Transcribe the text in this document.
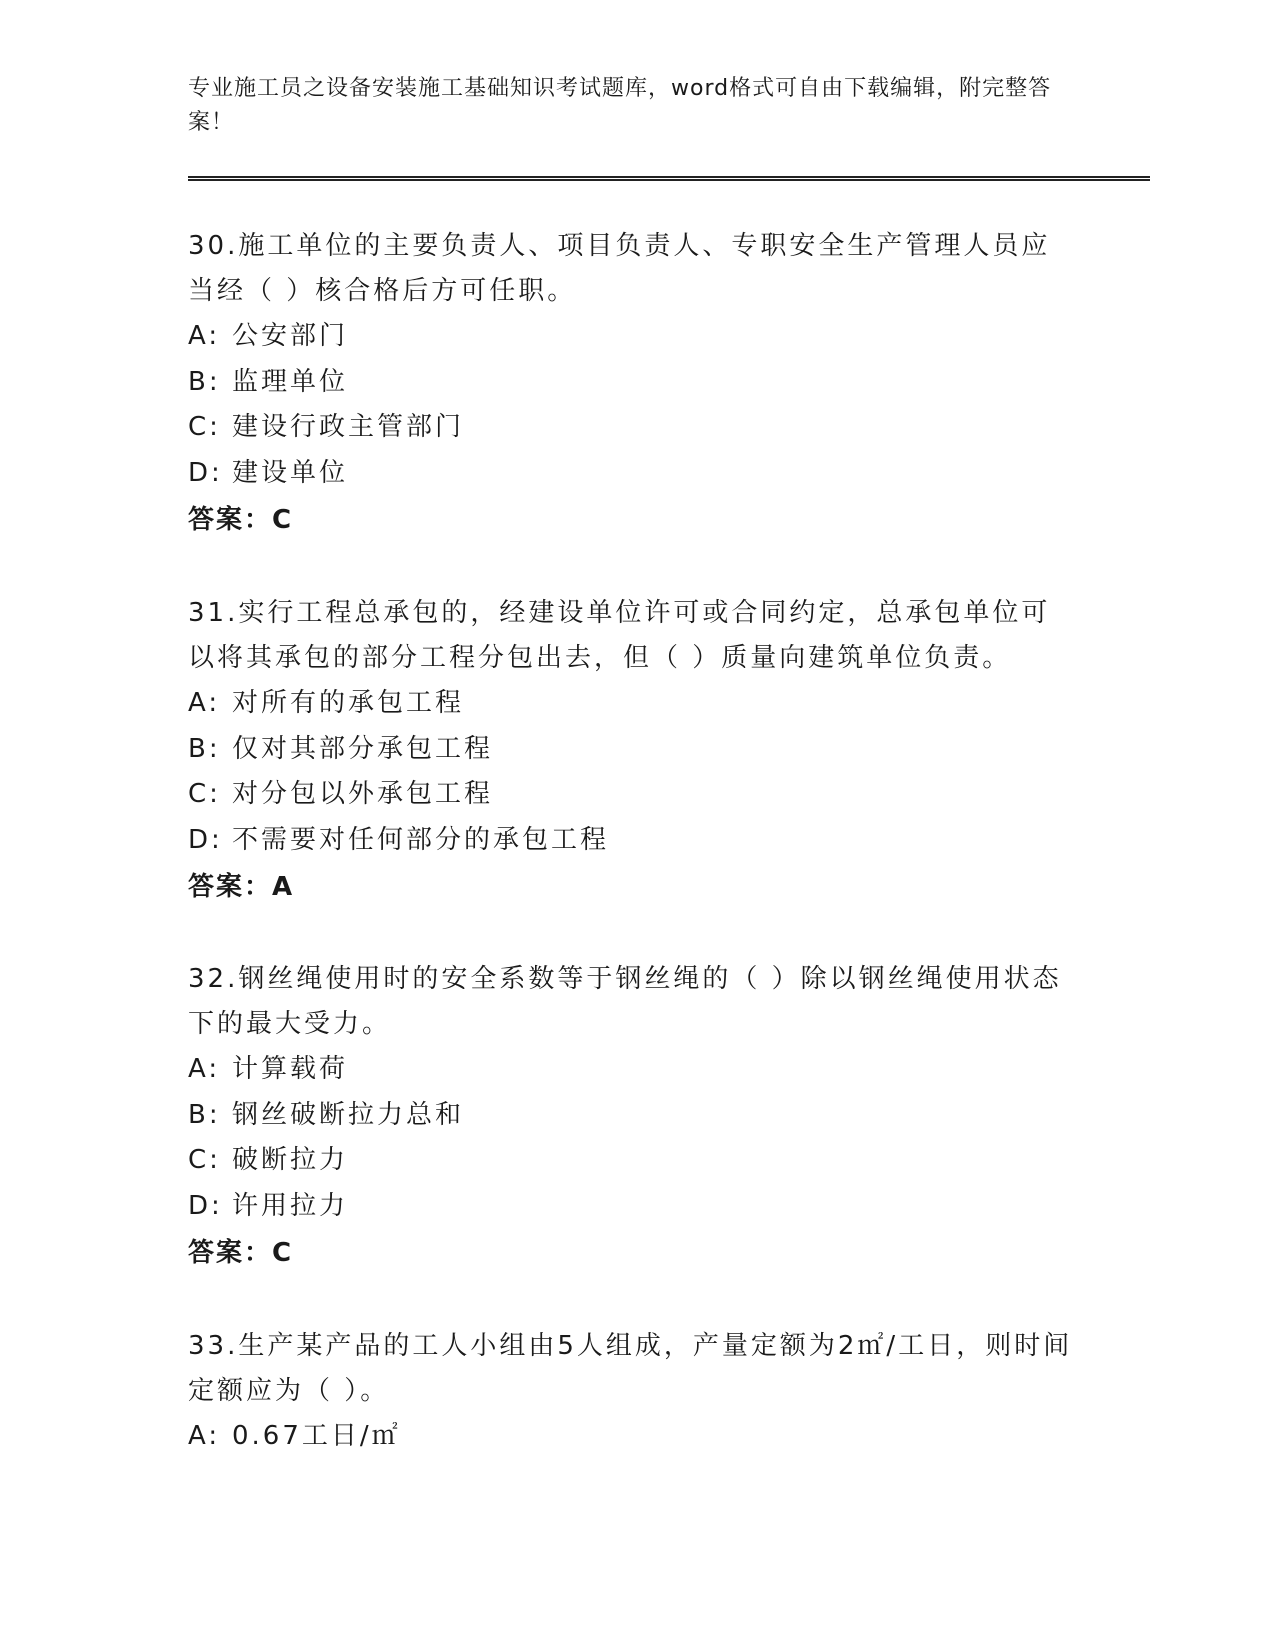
专业施工员之设备安装施工基础知识考试题库，word格式可自由下载编辑，附完整答案！
30.施工单位的主要负责人、项目负责人、专职安全生产管理人员应当经（ ）核合格后方可任职。
A: 公安部门
B: 监理单位
C: 建设行政主管部门
D: 建设单位
答案：C
31.实行工程总承包的，经建设单位许可或合同约定，总承包单位可以将其承包的部分工程分包出去，但（ ）质量向建筑单位负责。
A: 对所有的承包工程
B: 仅对其部分承包工程
C: 对分包以外承包工程
D: 不需要对任何部分的承包工程
答案：A
32.钢丝绳使用时的安全系数等于钢丝绳的（ ）除以钢丝绳使用状态下的最大受力。
A: 计算载荷
B: 钢丝破断拉力总和
C: 破断拉力
D: 许用拉力
答案：C
33.生产某产品的工人小组由5人组成，产量定额为2㎡/工日，则时间定额应为（ ）。
A: 0.67工日/㎡
